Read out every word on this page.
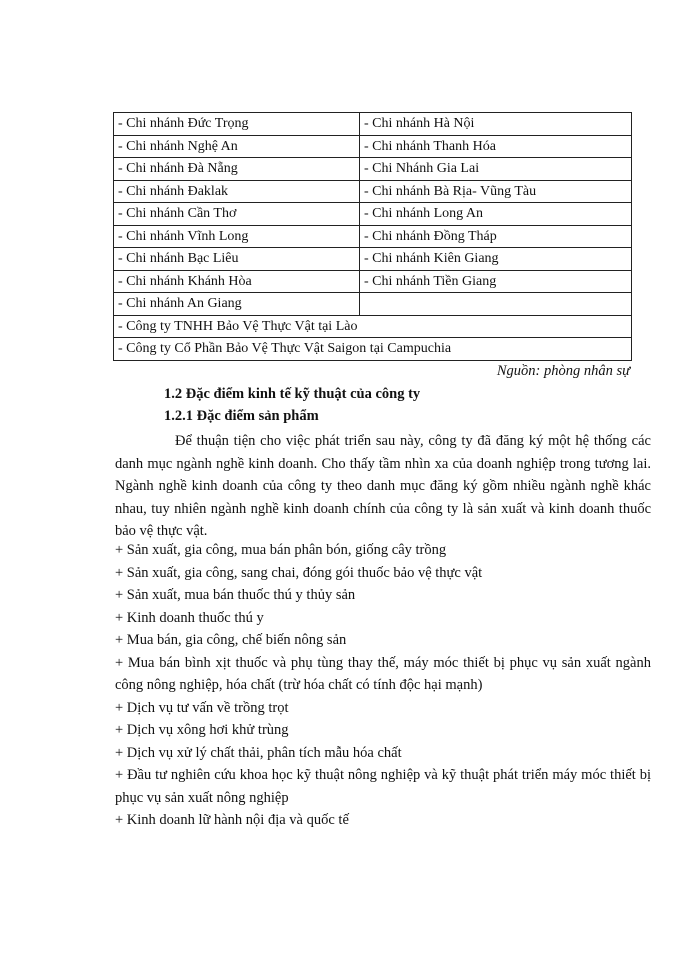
- Chi nhánh Đức Trọng	- Chi nhánh Hà Nội
- Chi nhánh Nghệ An	- Chi nhánh Thanh Hóa
- Chi nhánh Đà Nẵng	- Chi Nhánh Gia Lai
- Chi nhánh Đaklak	- Chi nhánh Bà Rịa- Vũng Tàu
- Chi nhánh Cần Thơ	- Chi nhánh Long An
- Chi nhánh Vĩnh Long	- Chi nhánh Đồng Tháp
- Chi nhánh Bạc Liêu	- Chi nhánh Kiên Giang
- Chi nhánh Khánh Hòa	- Chi nhánh Tiền Giang
- Chi nhánh An Giang	
- Công ty TNHH Bảo Vệ Thực Vật tại Lào	
- Công ty Cổ Phần Bảo Vệ Thực Vật Saigon tại Campuchia	
Nguồn: phòng nhân sự
1.2 Đặc điểm kinh tế kỹ thuật của công ty
1.2.1 Đặc điểm sản phẩm

Để thuận tiện cho việc phát triển sau này, công ty đã đăng ký một hệ thống các danh mục ngành nghề kinh doanh. Cho thấy tầm nhìn xa của doanh nghiệp trong tương lai. Ngành nghề kinh doanh của công ty theo danh mục đăng ký gồm nhiều ngành nghề khác nhau, tuy nhiên ngành nghề kinh doanh chính của công ty là sản xuất và kinh doanh thuốc bảo vệ thực vật.

+ Sản xuất, gia công, mua bán phân bón, giống cây trồng
+ Sản xuất, gia công, sang chai, đóng gói thuốc bảo vệ thực vật
+ Sản xuất, mua bán thuốc thú y thủy sản
+ Kinh doanh thuốc thú y
+ Mua bán, gia công, chế biến nông sản
+ Mua bán bình xịt thuốc và phụ tùng thay thế, máy móc thiết bị phục vụ sản xuất ngành công nông nghiệp, hóa chất (trừ hóa chất có tính độc hại mạnh)
+ Dịch vụ tư vấn về trồng trọt
+ Dịch vụ xông hơi khử trùng
+ Dịch vụ xử lý chất thải, phân tích mẫu hóa chất
+ Đầu tư nghiên cứu khoa học kỹ thuật nông nghiệp và kỹ thuật phát triển máy móc thiết bị phục vụ sản xuất nông nghiệp
+ Kinh doanh lữ hành nội địa và quốc tế
